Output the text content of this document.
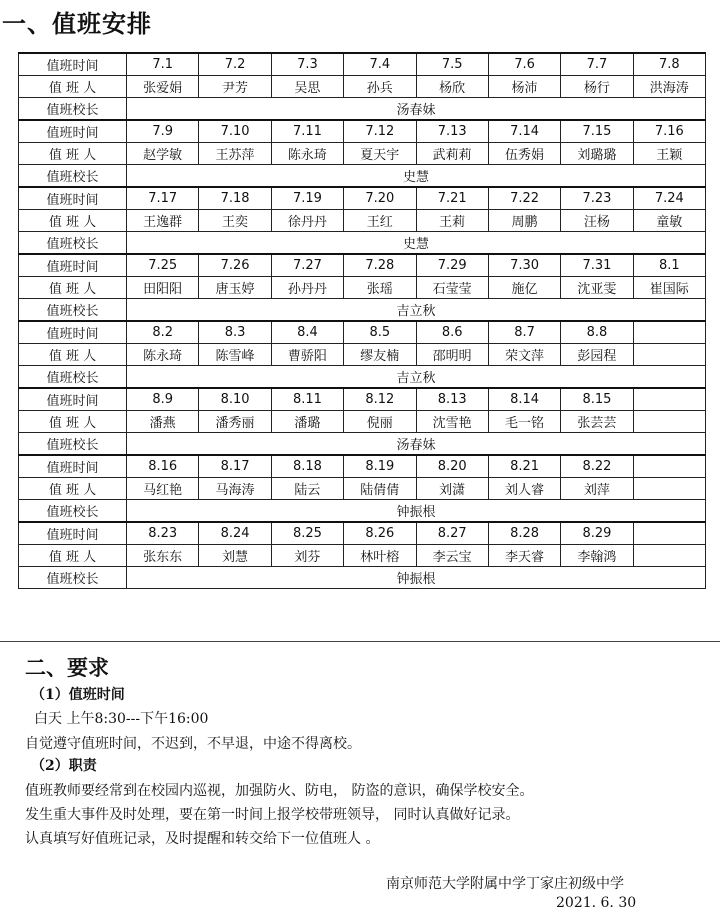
一、值班安排
值班时间	7.1	7.2	7.3	7.4	7.5	7.6	7.7	7.8
值 班 人	张爱娟	尹芳	吴思	孙兵	杨欣	杨沛	杨行	洪海涛
值班校长	汤春妹							
值班时间	7.9	7.10	7.11	7.12	7.13	7.14	7.15	7.16
值 班 人	赵学敏	王苏萍	陈永琦	夏天宇	武莉莉	伍秀娟	刘璐璐	王颖
值班校长	史慧							
值班时间	7.17	7.18	7.19	7.20	7.21	7.22	7.23	7.24
值 班 人	王逸群	王奕	徐丹丹	王红	王莉	周鹏	汪杨	童敏
值班校长	史慧							
值班时间	7.25	7.26	7.27	7.28	7.29	7.30	7.31	8.1
值 班 人	田阳阳	唐玉婷	孙丹丹	张瑶	石莹莹	施亿	沈亚雯	崔国际
值班校长	吉立秋							
值班时间	8.2	8.3	8.4	8.5	8.6	8.7	8.8	
值 班 人	陈永琦	陈雪峰	曹骄阳	缪友楠	邵明明	荣文萍	彭园程	
值班校长	吉立秋							
值班时间	8.9	8.10	8.11	8.12	8.13	8.14	8.15	
值 班 人	潘燕	潘秀丽	潘璐	倪丽	沈雪艳	毛一铭	张芸芸	
值班校长	汤春妹							
值班时间	8.16	8.17	8.18	8.19	8.20	8.21	8.22	
值 班 人	马红艳	马海涛	陆云	陆倩倩	刘潇	刘人睿	刘萍	
值班校长	钟振根							
值班时间	8.23	8.24	8.25	8.26	8.27	8.28	8.29	
值 班 人	张东东	刘慧	刘芬	林叶榕	李云宝	李天睿	李翰鸿	
值班校长	钟振根							
二、要求
（1）值班时间
白天 上午8:30---下午16:00
自觉遵守值班时间，不迟到，不早退，中途不得离校。
（2）职责
值班教师要经常到在校园内巡视，加强防火、防电， 防盗的意识，确保学校安全。
发生重大事件及时处理，要在第一时间上报学校带班领导， 同时认真做好记录。
认真填写好值班记录，及时提醒和转交给下一位值班人 。
南京师范大学附属中学丁家庄初级中学
2021. 6. 30
